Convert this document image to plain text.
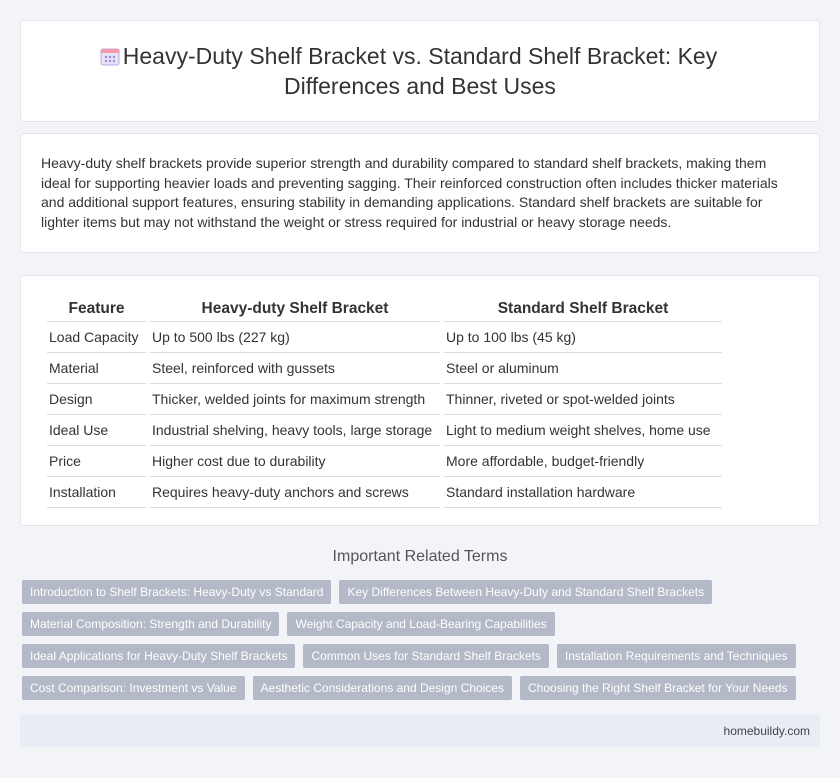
Heavy-Duty Shelf Bracket vs. Standard Shelf Bracket: Key Differences and Best Uses

Heavy-duty shelf brackets provide superior strength and durability compared to standard shelf brackets, making them ideal for supporting heavier loads and preventing sagging. Their reinforced construction often includes thicker materials and additional support features, ensuring stability in demanding applications. Standard shelf brackets are suitable for lighter items but may not withstand the weight or stress required for industrial or heavy storage needs.

Feature	Heavy-duty Shelf Bracket	Standard Shelf Bracket
Load Capacity	Up to 500 lbs (227 kg)	Up to 100 lbs (45 kg)
Material	Steel, reinforced with gussets	Steel or aluminum
Design	Thicker, welded joints for maximum strength	Thinner, riveted or spot-welded joints
Ideal Use	Industrial shelving, heavy tools, large storage	Light to medium weight shelves, home use
Price	Higher cost due to durability	More affordable, budget-friendly
Installation	Requires heavy-duty anchors and screws	Standard installation hardware
Important Related Terms
Introduction to Shelf Brackets: Heavy-Duty vs Standard	Key Differences Between Heavy-Duty and Standard Shelf Brackets
Material Composition: Strength and Durability	Weight Capacity and Load-Bearing Capabilities
Ideal Applications for Heavy-Duty Shelf Brackets	Common Uses for Standard Shelf Brackets	Installation Requirements and Techniques
Cost Comparison: Investment vs Value	Aesthetic Considerations and Design Choices	Choosing the Right Shelf Bracket for Your Needs
homebuildy.com
